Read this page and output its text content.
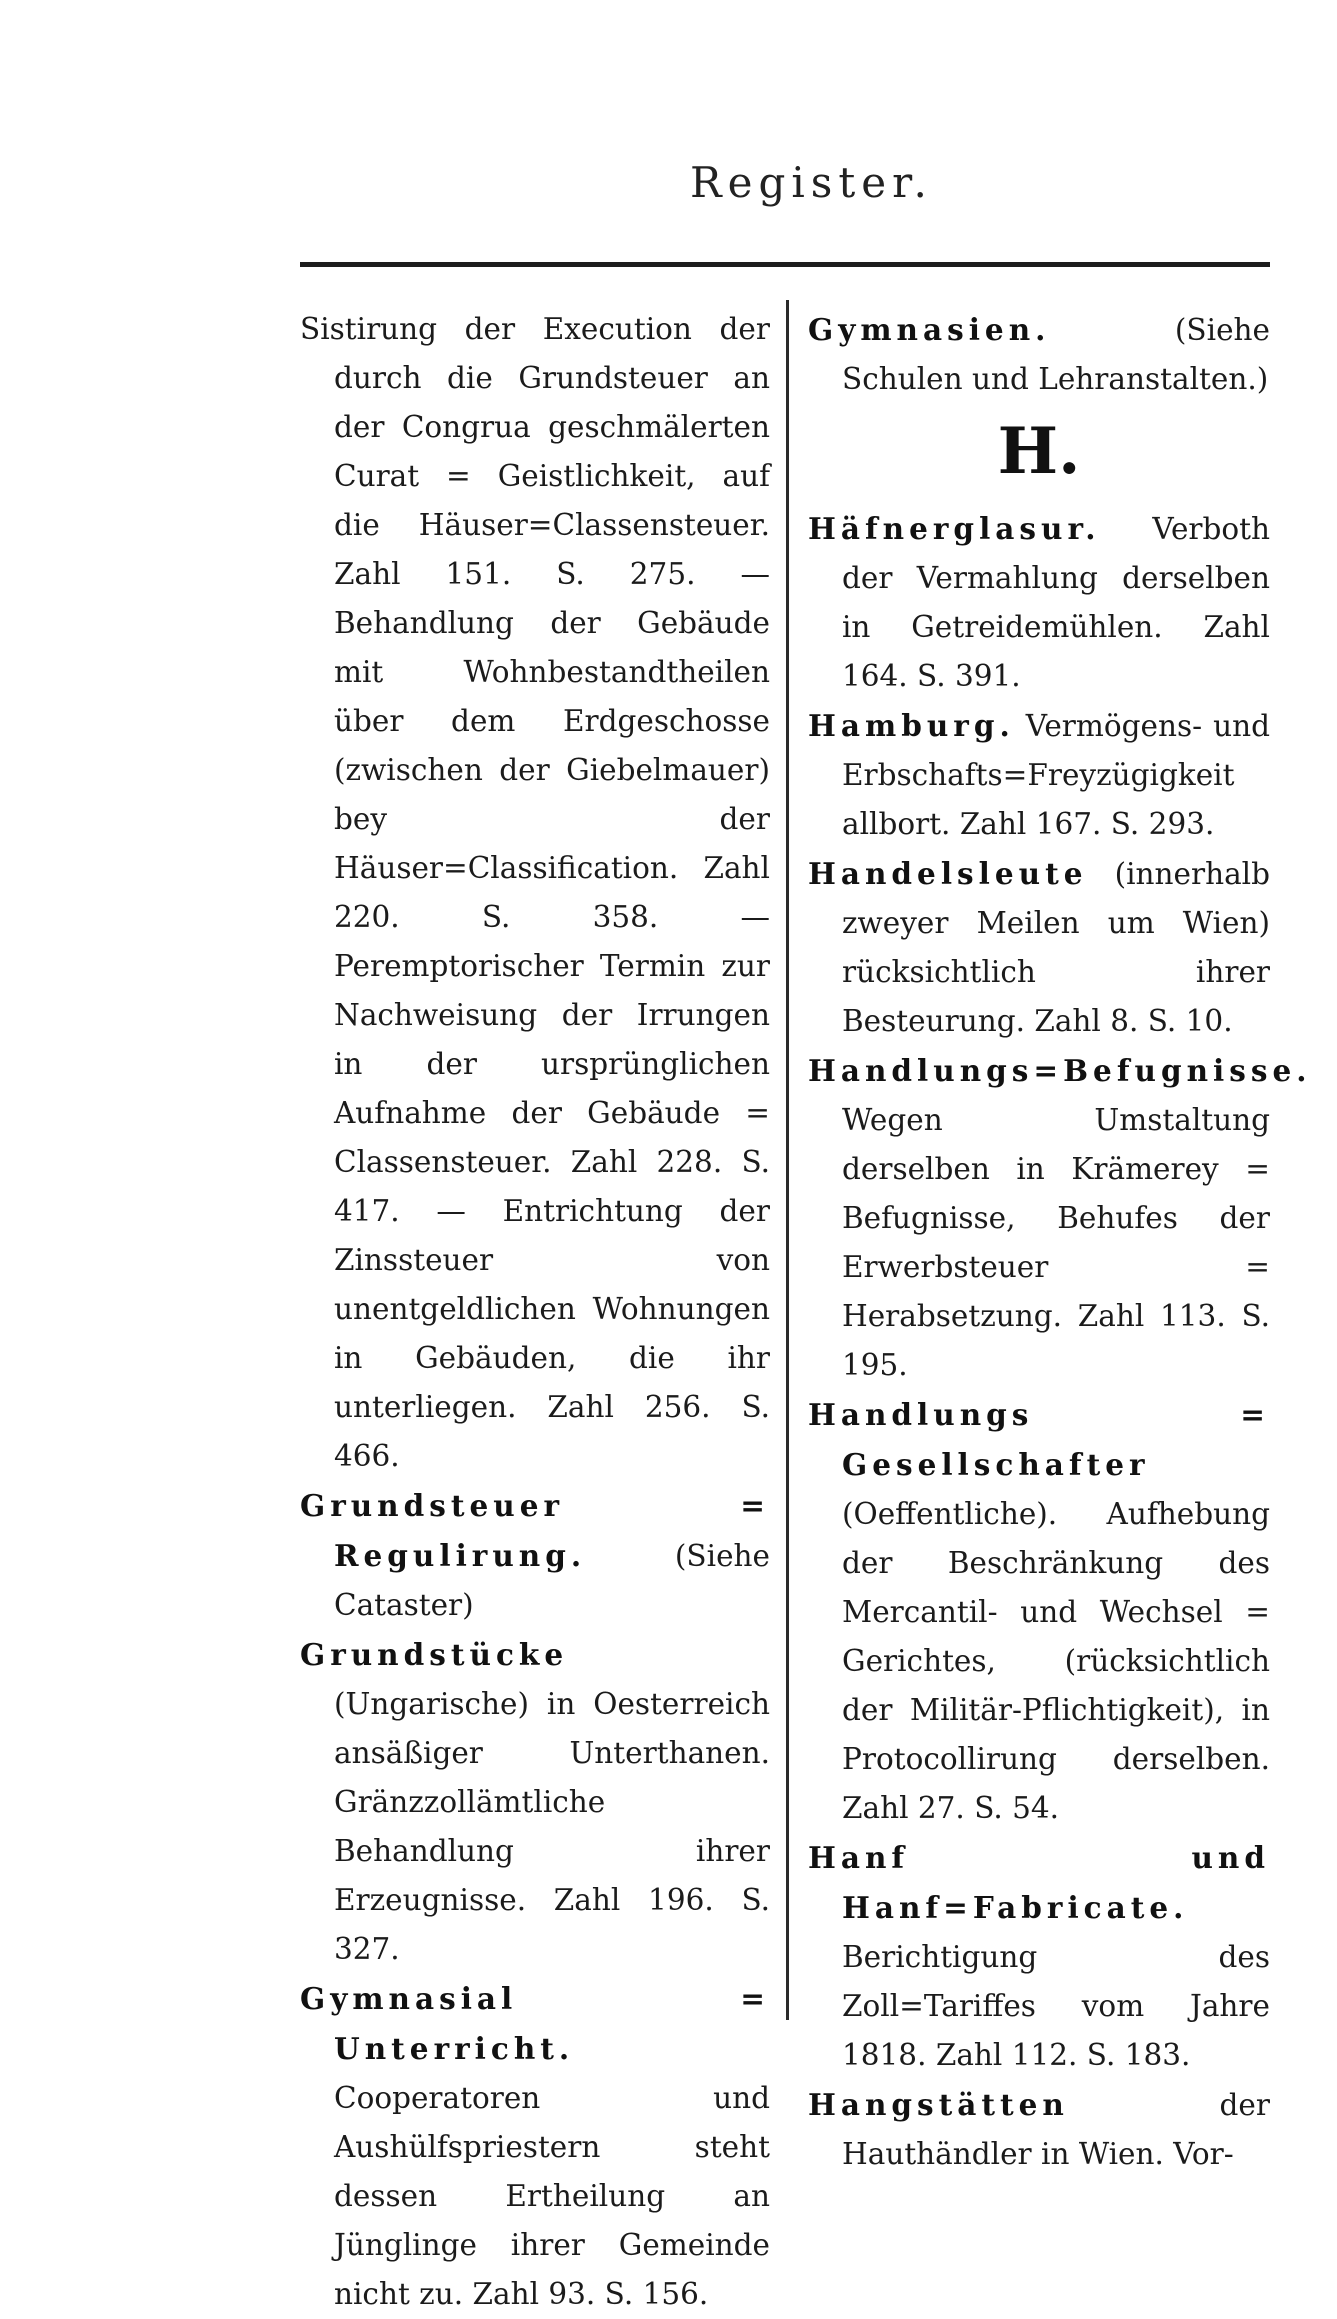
Register.

Sistirung der Execution der durch die Grundsteuer an der Congrua geschmälerten Curat = Geistlichkeit, auf die Häuser=Classensteuer. Zahl 151. S. 275. — Behandlung der Gebäude mit Wohnbestandtheilen über dem Erdgeschosse (zwischen der Giebelmauer) bey der Häuser=Classification. Zahl 220. S. 358. — Peremptorischer Termin zur Nachweisung der Irrungen in der ursprünglichen Aufnahme der Gebäude = Classensteuer. Zahl 228. S. 417. — Entrichtung der Zinssteuer von unentgeldlichen Wohnungen in Gebäuden, die ihr unterliegen. Zahl 256. S. 466.

Grundsteuer = Regulirung.	(Siehe Cataster)

Grundstücke (Ungarische) in Oesterreich ansäßiger Unterthanen. Gränzzollämtliche Behandlung ihrer Erzeugnisse. Zahl 196. S. 327.

Gymnasial = Unterricht. Cooperatoren und Aushülfspriestern steht dessen Ertheilung an Jünglinge ihrer Gemeinde nicht zu. Zahl 93. S. 156.

Gymnasien.	(Siehe Schulen und Lehranstalten.)

H.

Häfnerglasur. Verboth der Vermahlung derselben in Getreidemühlen. Zahl 164. S. 391.

Hamburg. Vermögens- und Erbschafts=Freyzügigkeit allbort. Zahl 167. S. 293.

Handelsleute (innerhalb zweyer Meilen um Wien) rücksichtlich ihrer Besteurung. Zahl 8. S. 10.

Handlungs=Befugnisse. Wegen Umstaltung derselben in Krämerey = Befugnisse, Behufes der Erwerbsteuer = Herabsetzung. Zahl 113. S. 195.

Handlungs = Gesellschafter (Oeffentliche). Aufhebung der Beschränkung des Mercantil- und Wechsel = Gerichtes, (rücksichtlich der Militär-Pflichtigkeit), in Protocollirung derselben. Zahl 27. S. 54.

Hanf und Hanf=Fabricate. Berichtigung des Zoll=Tariffes vom Jahre 1818. Zahl 112. S. 183.

Hangstätten	der Hauthändler in Wien. Vor-
